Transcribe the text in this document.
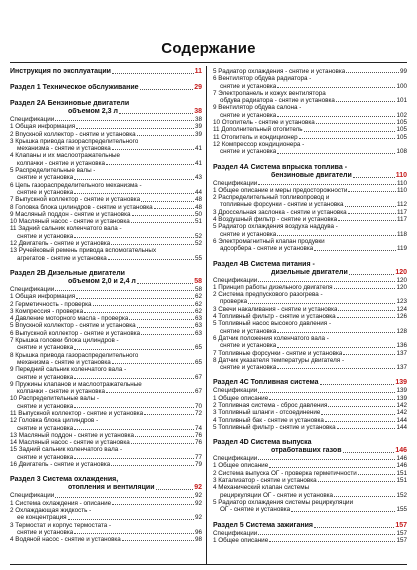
Содержание
Инструкция по эксплуатации	11
Раздел 1 Техническое обслуживание	29
Раздел 2А Бензиновые двигатели
объемом 2,3 л	38
Спецификации	38
1 Общая информация	39
2 Впускной коллектор - снятие и установка	39
3 Крышка привода газораспределительного
механизма - снятие и установка	41
4 Клапаны и их маслоотражательные
колпачки - снятие и установка	41
5 Распределительные валы -
снятие и установка	43
6 Цепь газораспределительного механизма -
снятие и установка	44
7 Выпускной коллектор - снятие и установка	48
8 Головка блока цилиндров - снятие и установка	48
9 Масляный поддон - снятие и установка	50
10 Масляный насос - снятие и установка	51
11 Задний сальник коленчатого вала -
снятие и установка	52
12 Двигатель - снятие и установка	52
13 Ручейковый ремень привода вспомогательных
агрегатов - снятие и установка	55
Раздел 2В Дизельные двигатели
объемом 2,0 и 2,4 л	58
Спецификации	58
1 Общая информация	62
2 Герметичность - проверка	62
3 Компрессия - проверка	62
4 Давление моторного масла - проверка	63
5 Впускной коллектор - снятие и установка	63
6 Выпускной коллектор - снятие и установка	63
7 Крышка головки блока цилиндров -
снятие и установка	65
8 Крышка привода газораспределительного
механизма - снятие и установка	65
9 Передний сальник коленчатого вала -
снятие и установка	67
9 Пружины клапанов и маслоотражательные
колпачки - снятие и установка	67
10 Распределительные валы -
снятие и установка	70
11 Выпускной коллектор - снятие и установка	72
12 Головка блока цилиндров -
снятие и установка	74
13 Масляный поддон - снятие и установка	76
14 Масляный насос - снятие и установка	76
15 Задний сальник коленчатого вала -
снятие и установка	77
16 Двигатель - снятие и установка	79
Раздел 3 Система охлаждения,
отопления и вентиляции	92
Спецификации	92
1 Система охлаждения - описание	92
2 Охлаждающая жидкость -
ее концентрация	92
3 Термостат и корпус термостата -
снятие и установка	96
4 Водяной насос - снятие и установка	98
5 Радиатор охлаждения - снятие и установка	99
6 Вентилятор обдува радиатора -
снятие и установка	100
7 Электропанель и кожух вентилятора
обдува радиатора - снятие и установка	101
9 Вентилятор обдува салона -
снятие и установка	102
10 Отопитель - снятие и установка	105
11 Дополнительный отопитель	105
11 Отопитель и кондиционер	105
12 Компрессор кондиционера -
снятие и установка	108
Раздел 4А Система впрыска топлива -
бензиновые двигатели	110
Спецификации	110
1 Общее описание и меры предосторожности	110
2 Распределительный топливопровод и
топливные форсунки - снятие и установка	112
3 Дроссельная заслонка - снятие и установка	117
4 Воздушный фильтр - снятие и установка	117
5 Радиатор охлаждения воздуха наддува -
снятие и установка	118
6 Электромагнитный клапан продувки
адсорбера - снятие и установка	119
Раздел 4В Система питания -
дизельные двигатели	120
Спецификации	120
1 Принцип работы дизельного двигателя	120
2 Система предпускового разогрева -
проверка	123
3 Свечи накаливания - снятие и установка	124
4 Топливный фильтр - снятие и установка	126
5 Топливный насос высокого давления -
снятие и установка	128
6 Датчик положения коленчатого вала -
снятие и установка	136
7 Топливные форсунки - снятие и установка	137
8 Датчик указателя температуры двигателя -
снятие и установка	137
Раздел 4С Топливная система	139
Спецификации	139
1 Общее описание	139
2 Топливная система - сброс давления	142
3 Топливный шланги - отсоединение	142
4 Топливный бак - снятие и установка	144
5 Топливный фильтр - снятие и установка	144
Раздел 4D Система выпуска
отработавших газов	146
Спецификации	146
1 Общее описание	146
2 Система выпуска ОГ - проверка герметичности	151
3 Катализатор - снятие и установка	151
4 Механический клапан системы
рециркуляции ОГ - снятие и установка	152
5 Радиатор охлаждения системы рециркуляции
ОГ - снятие и установка	155
Раздел 5 Система зажигания	157
Спецификации	157
1 Общее описание	157
